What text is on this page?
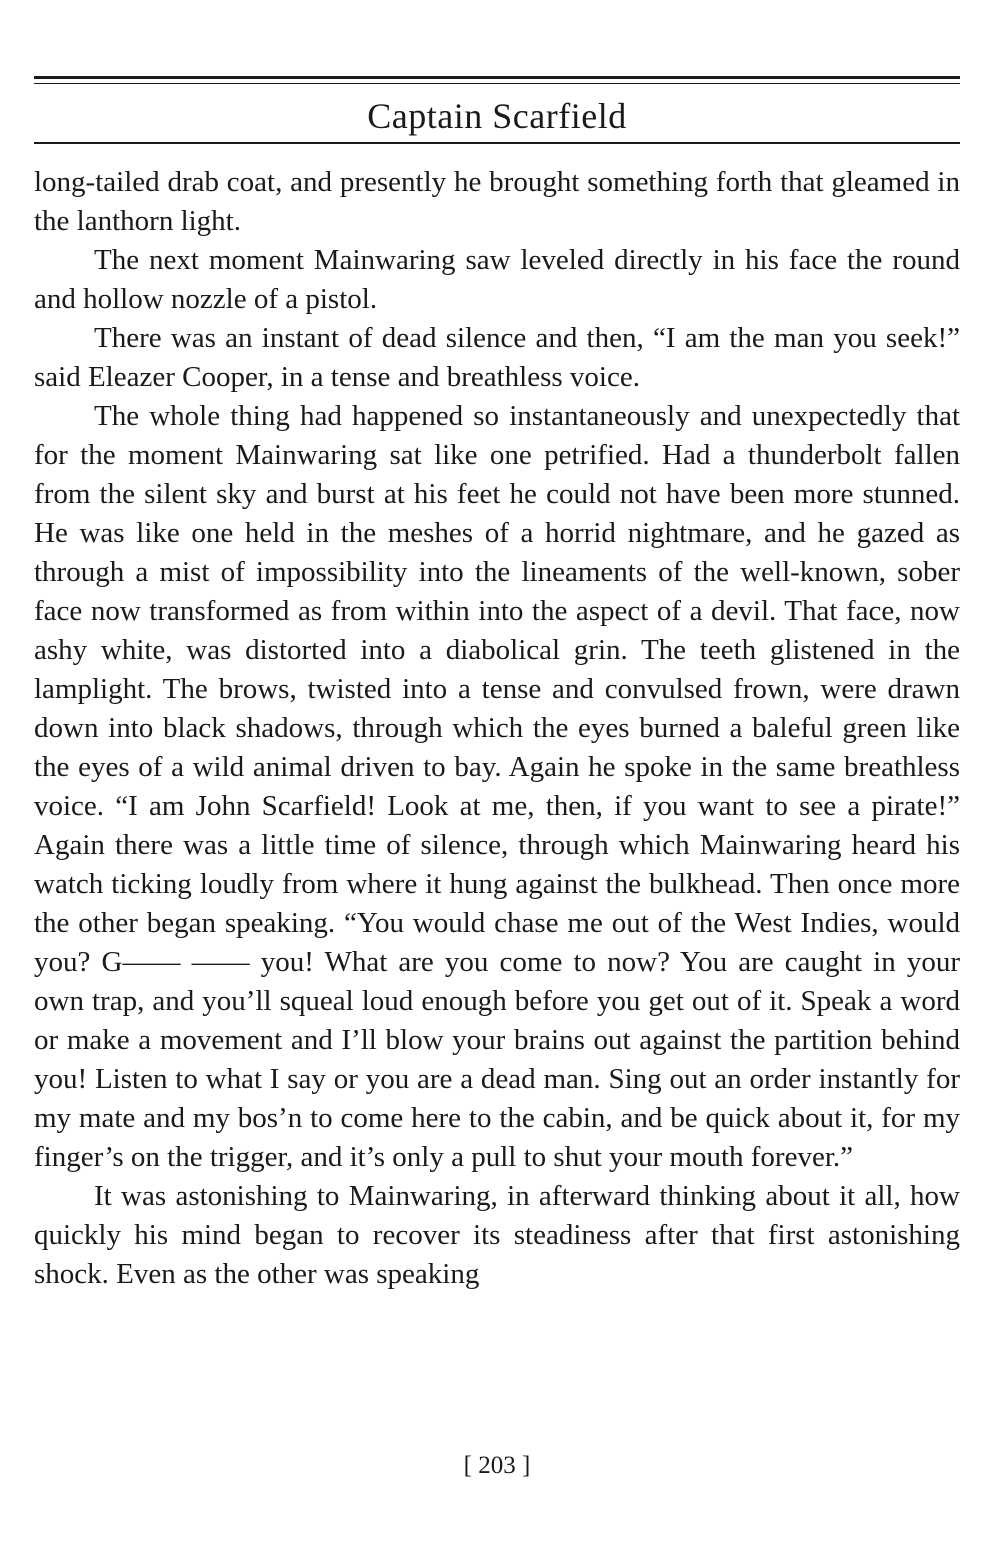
Captain Scarfield

long-tailed drab coat, and presently he brought something forth that gleamed in the lanthorn light.

The next moment Mainwaring saw leveled directly in his face the round and hollow nozzle of a pistol.

There was an instant of dead silence and then, “I am the man you seek!” said Eleazer Cooper, in a tense and breathless voice.

The whole thing had happened so instantaneously and unexpectedly that for the moment Mainwaring sat like one petrified. Had a thunderbolt fallen from the silent sky and burst at his feet he could not have been more stunned. He was like one held in the meshes of a horrid nightmare, and he gazed as through a mist of impossibility into the lineaments of the well-known, sober face now transformed as from within into the aspect of a devil. That face, now ashy white, was distorted into a diabolical grin. The teeth glistened in the lamplight. The brows, twisted into a tense and convulsed frown, were drawn down into black shadows, through which the eyes burned a baleful green like the eyes of a wild animal driven to bay. Again he spoke in the same breathless voice. “I am John Scarfield! Look at me, then, if you want to see a pirate!” Again there was a little time of silence, through which Mainwaring heard his watch ticking loudly from where it hung against the bulkhead. Then once more the other began speaking. “You would chase me out of the West Indies, would you? G—— —— you! What are you come to now? You are caught in your own trap, and you’ll squeal loud enough before you get out of it. Speak a word or make a movement and I’ll blow your brains out against the partition behind you! Listen to what I say or you are a dead man. Sing out an order instantly for my mate and my bos’n to come here to the cabin, and be quick about it, for my finger’s on the trigger, and it’s only a pull to shut your mouth forever.”

It was astonishing to Mainwaring, in afterward thinking about it all, how quickly his mind began to recover its steadiness after that first astonishing shock. Even as the other was speaking

[ 203 ]
